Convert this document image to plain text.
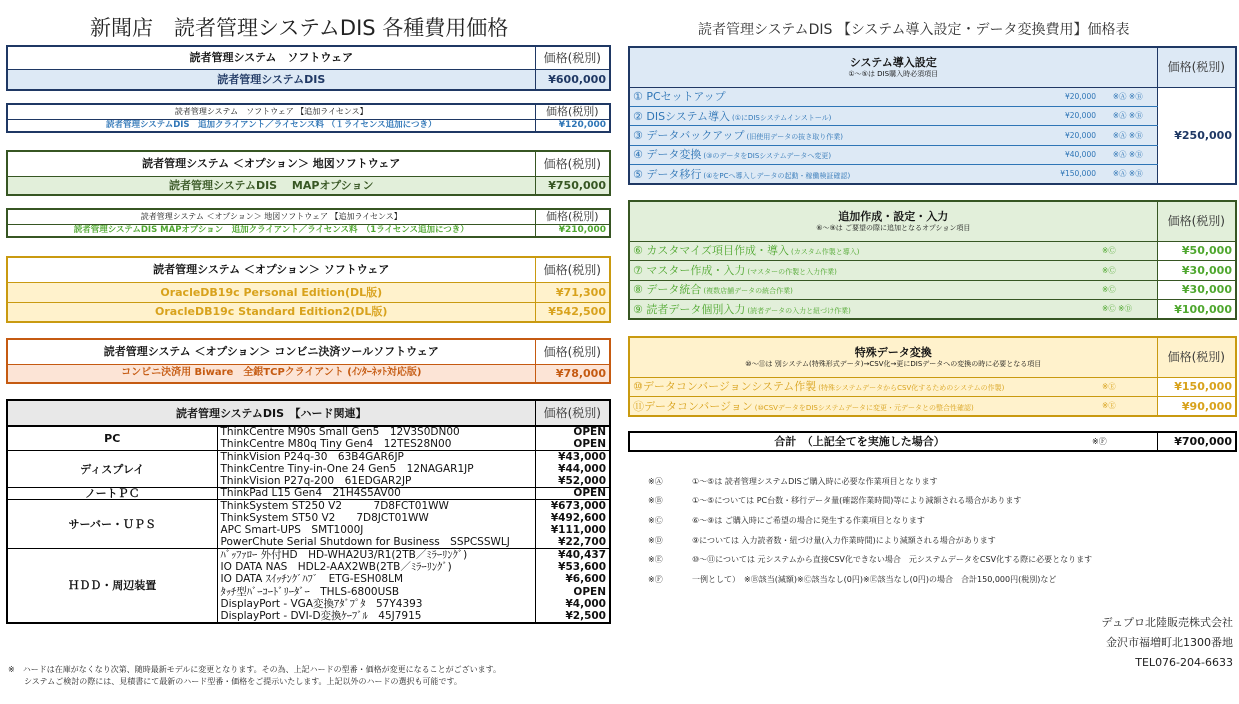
新聞店　読者管理システムDIS 各種費用価格	読者管理システムDIS 【システム導入設定・データ変換費用】価格表
読者管理システム　ソフトウェア	価格(税別)
読者管理システムDIS	¥600,000
読者管理システム　ソフトウェア 【追加ライセンス】	価格(税別)
読者管理システムDIS　追加クライアント／ライセンス料 （１ライセンス追加につき）	¥120,000
読者管理システム ＜オプション＞ 地図ソフトウェア	価格(税別)
読者管理システムDIS　 MAPオプション	¥750,000
読者管理システム ＜オプション＞ 地図ソフトウェア 【追加ライセンス】	価格(税別)
読者管理システムDIS MAPオプション　追加クライアント／ライセンス料　（1ライセンス追加につき）	¥210,000
読者管理システム ＜オプション＞ ソフトウェア	価格(税別)
OracleDB19c Personal Edition(DL版)	¥71,300
OracleDB19c Standard Edition2(DL版)	¥542,500
読者管理システム ＜オプション＞ コンビニ決済ツールソフトウェア	価格(税別)
コンビニ決済用 Biware　全銀TCPクライアント (ｲﾝﾀｰﾈｯﾄ対応版)	¥78,000
読者管理システムDIS　【ハード関連】		価格(税別)
PC	ThinkCentre M90s Small Gen5　12V3S0DN00	OPEN
	ThinkCentre M80q Tiny Gen4　12TES28N00	OPEN
ディスプレイ	ThinkVision P24q-30　63B4GAR6JP	¥43,000
	ThinkCentre Tiny-in-One 24 Gen5　12NAGAR1JP	¥44,000
	ThinkVision P27q-200　61EDGAR2JP	¥52,000
ノートＰＣ	ThinkPad L15 Gen4　21H4S5AV00	OPEN
サーバー・ＵＰＳ	ThinkSystem ST250 V2　　　7D8FCT01WW	¥673,000
	ThinkSystem ST50 V2　　7D8JCT01WW	¥492,600
	APC Smart-UPS　SMT1000J	¥111,000
	PowerChute Serial Shutdown for Business　SSPCSSWLJ	¥22,700
ＨＤＤ・周辺装置	ﾊﾞｯﾌｧﾛｰ 外付HD　HD-WHA2U3/R1(2TB／ﾐﾗｰﾘﾝｸﾞ)	¥40,437
	IO DATA NAS　HDL2-AAX2WB(2TB／ﾐﾗｰﾘﾝｸﾞ)	¥53,600
	IO DATA ｽｲｯﾁﾝｸﾞﾊﾌﾞ　ETG-ESH08LM	¥6,600
	ﾀｯﾁ型ﾊﾞｰｺｰﾄﾞﾘｰﾀﾞｰ　THLS-6800USB	OPEN
	DisplayPort - VGA変換ｱﾀﾞﾌﾟﾀ　57Y4393	¥4,000
	DisplayPort - DVI-D変換ｹｰﾌﾞﾙ　45J7915	¥2,500
※　ハードは在庫がなくなり次第、随時最新モデルに変更となります。その為、上記ハードの型番・価格が変更になることがございます。
　　システムご検討の際には、見積書にて最新のハード型番・価格をご提示いたします。上記以外のハードの選択も可能です。
システム導入設定
①～⑤は DIS購入時必須項目			価格(税別)
① PCセットアップ	¥20,000	※Ⓐ ※Ⓑ	¥250,000
② DISシステム導入 (①にDISシステムインストール)	¥20,000	※Ⓐ ※Ⓑ	
③ データバックアップ (旧使用データの抜き取り作業)	¥20,000	※Ⓐ ※Ⓑ	
④ データ変換 (③のデータをDISシステムデータへ変更)	¥40,000	※Ⓐ ※Ⓑ	
⑤ データ移行 (④をPCへ導入しデータの起動・稼働検証確認)	¥150,000	※Ⓐ ※Ⓑ	
追加作成・設定・入力
⑥～⑨は ご要望の際に追加となるオプション項目		価格(税別)
⑥ カスタマイズ項目作成・導入 (カスタム作製と導入)	※Ⓒ	¥50,000
⑦ マスター作成・入力 (マスターの作製と入力作業)	※Ⓒ	¥30,000
⑧ データ統合 (複数店舗データの統合作業)	※Ⓒ	¥30,000
⑨ 読者データ個別入力 (読者データの入力と紐づけ作業)	※Ⓒ ※Ⓓ	¥100,000
特殊データ変換
⑩～⑪は 別システム(特殊形式データ)→CSV化→更にDISデータへの変換の時に必要となる項目		価格(税別)
⑩データコンバージョンシステム作製 (特殊システムデータからCSV化するためのシステムの作製)	※Ⓔ	¥150,000
⑪データコンバージョン (⑩CSVデータをDISシステムデータに変更・元データとの整合性確認)	※Ⓔ	¥90,000
合計　（上記全てを実施した場合）	※Ⓕ	¥700,000
※Ⓐ	①～⑤は 読者管理システムDISご購入時に必要な作業項目となります
※Ⓑ	①～⑤については PC台数・移行データ量(確認作業時間)等により減額される場合があります
※Ⓒ	⑥～⑨は ご購入時にご希望の場合に発生する作業項目となります
※Ⓓ	⑨については 入力読者数・紐づけ量(入力作業時間)により減額される場合があります
※Ⓔ	⑩～⑪については 元システムから直接CSV化できない場合　元システムデータをCSV化する際に必要となります
※Ⓕ	一例として）　※Ⓑ該当(減額)※Ⓒ該当なし(0円)※Ⓔ該当なし(0円)の場合　合計150,000円(税別)など
デュプロ北陸販売株式会社
金沢市福増町北1300番地
TEL076-204-6633
